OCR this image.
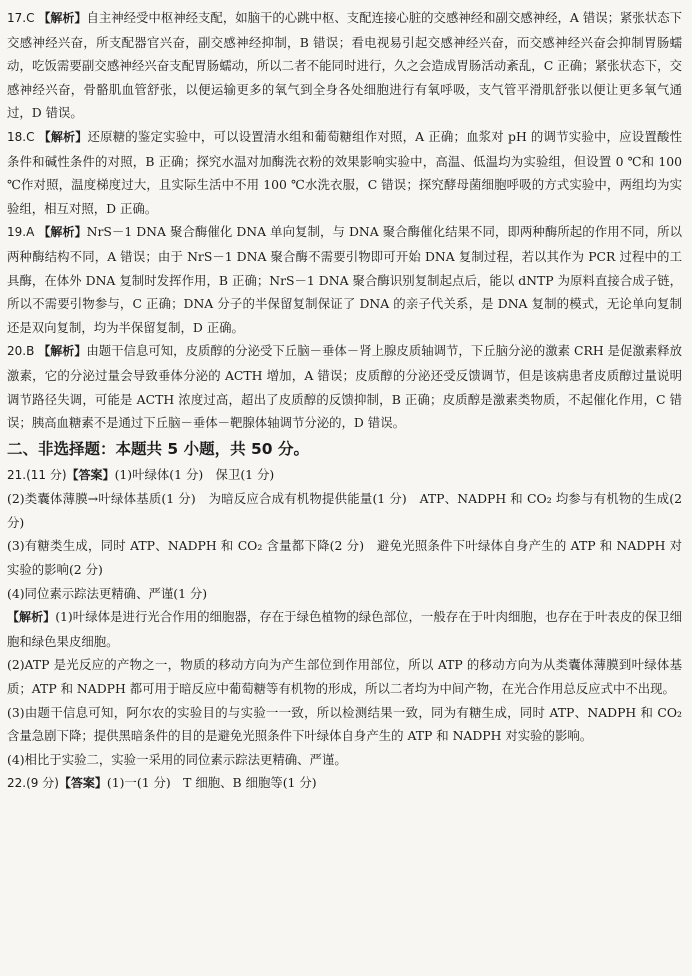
17.C 【解析】自主神经受中枢神经支配，如脑干的心跳中枢、支配连接心脏的交感神经和副交感神经，A 错误；紧张状态下交感神经兴奋，所支配器官兴奋，副交感神经抑制，B 错误；看电视易引起交感神经兴奋，而交感神经兴奋会抑制胃肠蠕动，吃饭需要副交感神经兴奋支配胃肠蠕动，所以二者不能同时进行，久之会造成胃肠活动紊乱，C 正确；紧张状态下，交感神经兴奋，骨骼肌血管舒张，以便运输更多的氧气到全身各处细胞进行有氧呼吸，支气管平滑肌舒张以便让更多氧气通过，D 错误。

18.C 【解析】还原糖的鉴定实验中，可以设置清水组和葡萄糖组作对照，A 正确；血浆对 pH 的调节实验中，应设置酸性条件和碱性条件的对照，B 正确；探究水温对加酶洗衣粉的效果影响实验中，高温、低温均为实验组，但设置 0 ℃和 100 ℃作对照，温度梯度过大，且实际生活中不用 100 ℃水洗衣服，C 错误；探究酵母菌细胞呼吸的方式实验中，两组均为实验组，相互对照，D 正确。

19.A 【解析】NrS－1 DNA 聚合酶催化 DNA 单向复制，与 DNA 聚合酶催化结果不同，即两种酶所起的作用不同，所以两种酶结构不同，A 错误；由于 NrS－1 DNA 聚合酶不需要引物即可开始 DNA 复制过程，若以其作为 PCR 过程中的工具酶，在体外 DNA 复制时发挥作用，B 正确；NrS－1 DNA 聚合酶识别复制起点后，能以 dNTP 为原料直接合成子链，所以不需要引物参与，C 正确；DNA 分子的半保留复制保证了 DNA 的亲子代关系，是 DNA 复制的模式，无论单向复制还是双向复制，均为半保留复制，D 正确。

20.B 【解析】由题干信息可知，皮质醇的分泌受下丘脑－垂体－肾上腺皮质轴调节，下丘脑分泌的激素 CRH 是促激素释放激素，它的分泌过量会导致垂体分泌的 ACTH 增加，A 错误；皮质醇的分泌还受反馈调节，但是该病患者皮质醇过量说明调节路径失调，可能是 ACTH 浓度过高，超出了皮质醇的反馈抑制，B 正确；皮质醇是激素类物质，不起催化作用，C 错误；胰高血糖素不是通过下丘脑－垂体－靶腺体轴调节分泌的，D 错误。

二、非选择题：本题共 5 小题，共 50 分。

21.(11 分)【答案】(1)叶绿体(1 分)　保卫(1 分)

(2)类囊体薄膜→叶绿体基质(1 分)　为暗反应合成有机物提供能量(1 分)　ATP、NADPH 和 CO₂ 均参与有机物的生成(2 分)

(3)有糖类生成，同时 ATP、NADPH 和 CO₂ 含量都下降(2 分)　避免光照条件下叶绿体自身产生的 ATP 和 NADPH 对实验的影响(2 分)

(4)同位素示踪法更精确、严谨(1 分)

【解析】(1)叶绿体是进行光合作用的细胞器，存在于绿色植物的绿色部位，一般存在于叶肉细胞，也存在于叶表皮的保卫细胞和绿色果皮细胞。

(2)ATP 是光反应的产物之一，物质的移动方向为产生部位到作用部位，所以 ATP 的移动方向为从类囊体薄膜到叶绿体基质；ATP 和 NADPH 都可用于暗反应中葡萄糖等有机物的形成，所以二者均为中间产物，在光合作用总反应式中不出现。

(3)由题干信息可知，阿尔农的实验目的与实验一一致，所以检测结果一致，同为有糖生成，同时 ATP、NADPH 和 CO₂ 含量急剧下降；提供黑暗条件的目的是避免光照条件下叶绿体自身产生的 ATP 和 NADPH 对实验的影响。

(4)相比于实验二，实验一采用的同位素示踪法更精确、严谨。

22.(9 分)【答案】(1)一(1 分)　T 细胞、B 细胞等(1 分)
